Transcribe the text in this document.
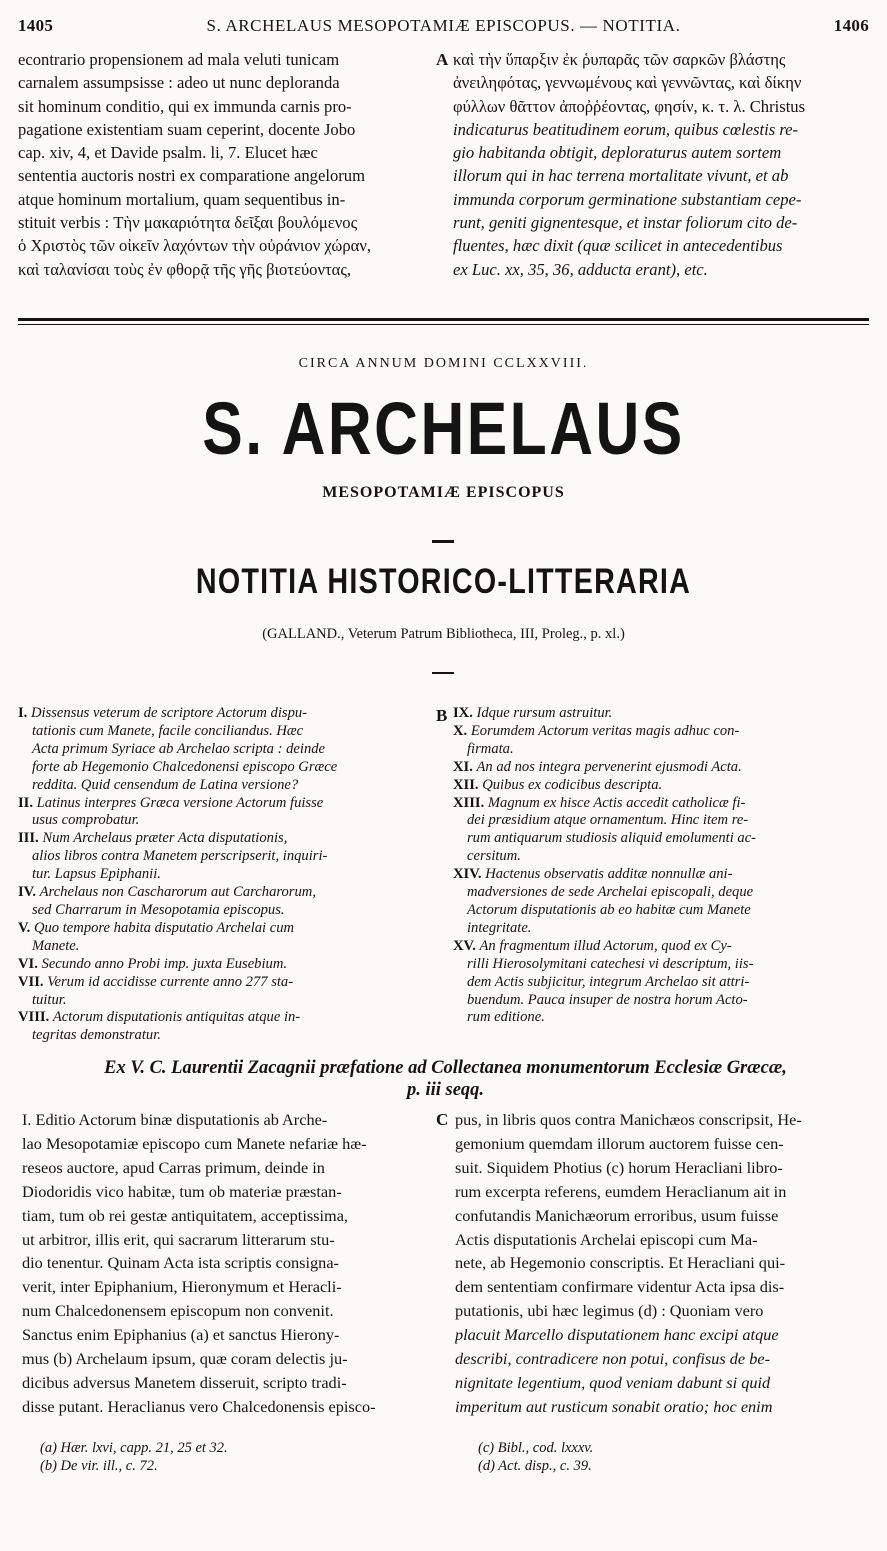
1405	S. ARCHELAUS MESOPOTAMIÆ EPISCOPUS. — NOTITIA.	1406
econtrario propensionem ad mala veluti tunicam
carnalem assumpsisse : adeo ut nunc deploranda
sit hominum conditio, qui ex immunda carnis pro-
pagatione existentiam suam ceperint, docente Jobo
cap. xiv, 4, et Davide psalm. li, 7. Elucet hæc
sententia auctoris nostri ex comparatione angelorum
atque hominum mortalium, quam sequentibus in-
stituit verbis : Τὴν μακαριότητα δεῖξαι βουλόμενος
ὁ Χριστὸς τῶν οἰκεῖν λαχόντων τὴν οὐράνιον χώραν,
καὶ ταλανίσαι τοὺς ἐν φθορᾷ τῆς γῆς βιοτεύοντας,
A καὶ τὴν ὕπαρξιν ἐκ ῥυπαρᾶς τῶν σαρκῶν βλάστης
ἀνειληφότας, γεννωμένους καὶ γεννῶντας, καὶ δίκην
φύλλων θᾶττον ἀποῤῥέοντας, φησίν, κ. τ. λ. Christus
indicaturus beatitudinem eorum, quibus cœlestis re-
gio habitanda obtigit, deploraturus autem sortem
illorum qui in hac terrena mortalitate vivunt, et ab
immunda corporum germinatione substantiam cepe-
runt, geniti gignentesque, et instar foliorum cito de-
fluentes, hæc dixit (quæ scilicet in antecedentibus
ex Luc. xx, 35, 36, adducta erant), etc.
CIRCA ANNUM DOMINI CCLXXVIII.
S. ARCHELAUS
MESOPOTAMIÆ EPISCOPUS
NOTITIA HISTORICO-LITTERARIA
(GALLAND., Veterum Patrum Bibliotheca, III, Proleg., p. xl.)
I. Dissensus veterum de scriptore Actorum dispu-
tationis cum Manete, facile conciliandus. Hæc
Acta primum Syriace ab Archelao scripta : deinde
forte ab Hegemonio Chalcedonensi episcopo Græce
reddita. Quid censendum de Latina versione?
II. Latinus interpres Græca versione Actorum fuisse
usus comprobatur.
III. Num Archelaus præter Acta disputationis,
alios libros contra Manetem perscripserit, inquiri-
tur. Lapsus Epiphanii.
IV. Archelaus non Cascharorum aut Carcharorum,
sed Charrarum in Mesopotamia episcopus.
V. Quo tempore habita disputatio Archelai cum
Manete.
VI. Secundo anno Probi imp. juxta Eusebium.
VII. Verum id accidisse currente anno 277 sta-
tuitur.
VIII. Actorum disputationis antiquitas atque in-
tegritas demonstratur.
B IX. Idque rursum astruitur.
X. Eorumdem Actorum veritas magis adhuc con-
firmata.
XI. An ad nos integra pervenerint ejusmodi Acta.
XII. Quibus ex codicibus descripta.
XIII. Magnum ex hisce Actis accedit catholicæ fi-
dei præsidium atque ornamentum. Hinc item re-
rum antiquarum studiosis aliquid emolumenti ac-
cersitum.
XIV. Hactenus observatis additæ nonnullæ ani-
madversiones de sede Archelai episcopali, deque
Actorum disputationis ab eo habitæ cum Manete
integritate.
XV. An fragmentum illud Actorum, quod ex Cy-
rilli Hierosolymitani catechesi vi descriptum, iis-
dem Actis subjicitur, integrum Archelao sit attri-
buendum. Pauca insuper de nostra horum Acto-
rum editione.
Ex V. C. Laurentii Zacagnii præfatione ad Collectanea monumentorum Ecclesiæ Græcæ,
p. iii seqq.
I. Editio Actorum binæ disputationis ab Arche-
lao Mesopotamiæ episcopo cum Manete nefariæ hæ-
reseos auctore, apud Carras primum, deinde in
Diodoridis vico habitæ, tum ob materiæ præstan-
tiam, tum ob rei gestæ antiquitatem, acceptissima,
ut arbitror, illis erit, qui sacrarum litterarum stu-
dio tenentur. Quinam Acta ista scriptis consigna-
verit, inter Epiphanium, Hieronymum et Heracli-
num Chalcedonensem episcopum non convenit.
Sanctus enim Epiphanius (a) et sanctus Hierony-
mus (b) Archelaum ipsum, quæ coram delectis ju-
dicibus adversus Manetem disseruit, scripto tradi-
disse putant. Heraclianus vero Chalcedonensis episco-
C pus, in libris quos contra Manichæos conscripsit, He-
gemonium quemdam illorum auctorem fuisse cen-
suit. Siquidem Photius (c) horum Heracliani libro-
rum excerpta referens, eumdem Heraclianum ait in
confutandis Manichæorum erroribus, usum fuisse
Actis disputationis Archelai episcopi cum Ma-
nete, ab Hegemonio conscriptis. Et Heracliani qui-
dem sententiam confirmare videntur Acta ipsa dis-
putationis, ubi hæc legimus (d) : Quoniam vero
placuit Marcello disputationem hanc excipi atque
describi, contradicere non potui, confisus de be-
nignitate legentium, quod veniam dabunt si quid
imperitum aut rusticum sonabit oratio; hoc enim
(a) Hær. lxvi, capp. 21, 25 et 32.
(b) De vir. ill., c. 72.
(c) Bibl., cod. lxxxv.
(d) Act. disp., c. 39.
